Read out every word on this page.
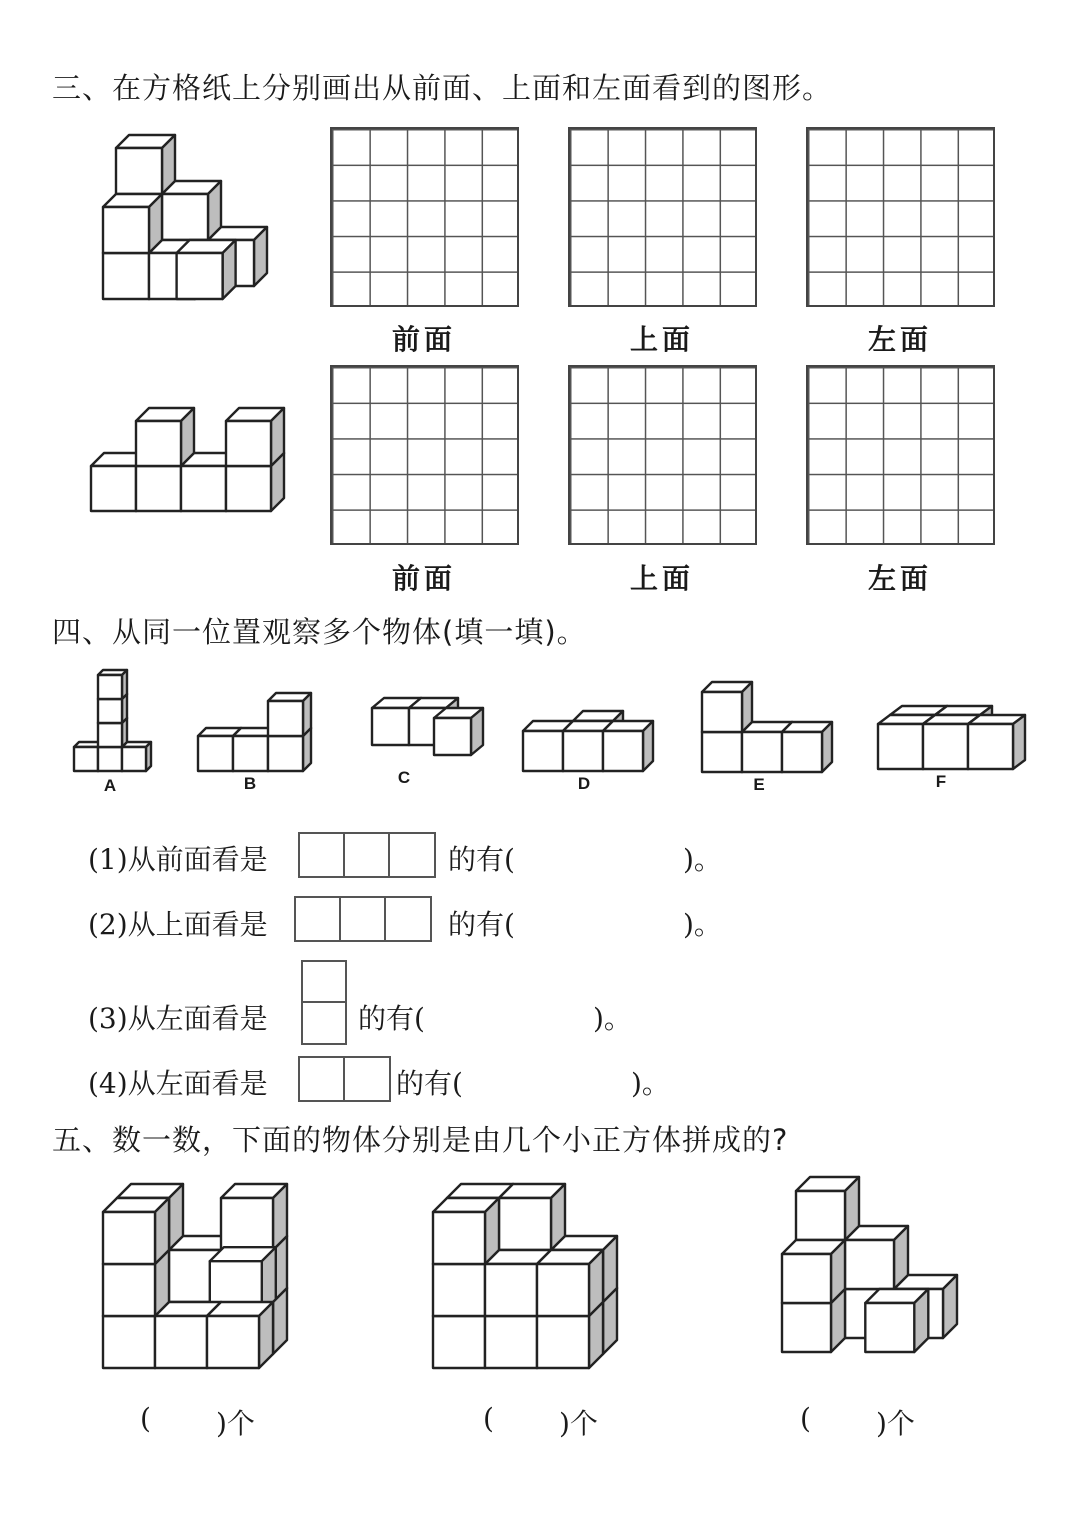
三、在方格纸上分别画出从前面、上面和左面看到的图形。
前面	上面	左面
前面	上面	左面
四、从同一位置观察多个物体(填一填)。
A	B	C	D	E	F
(1)从前面看是	的有(	)。
(2)从上面看是	的有(	)。
(3)从左面看是	的有(	)。
(4)从左面看是	的有(	)。
五、数一数，下面的物体分别是由几个小正方体拼成的?
( )个	( )个	( )个
